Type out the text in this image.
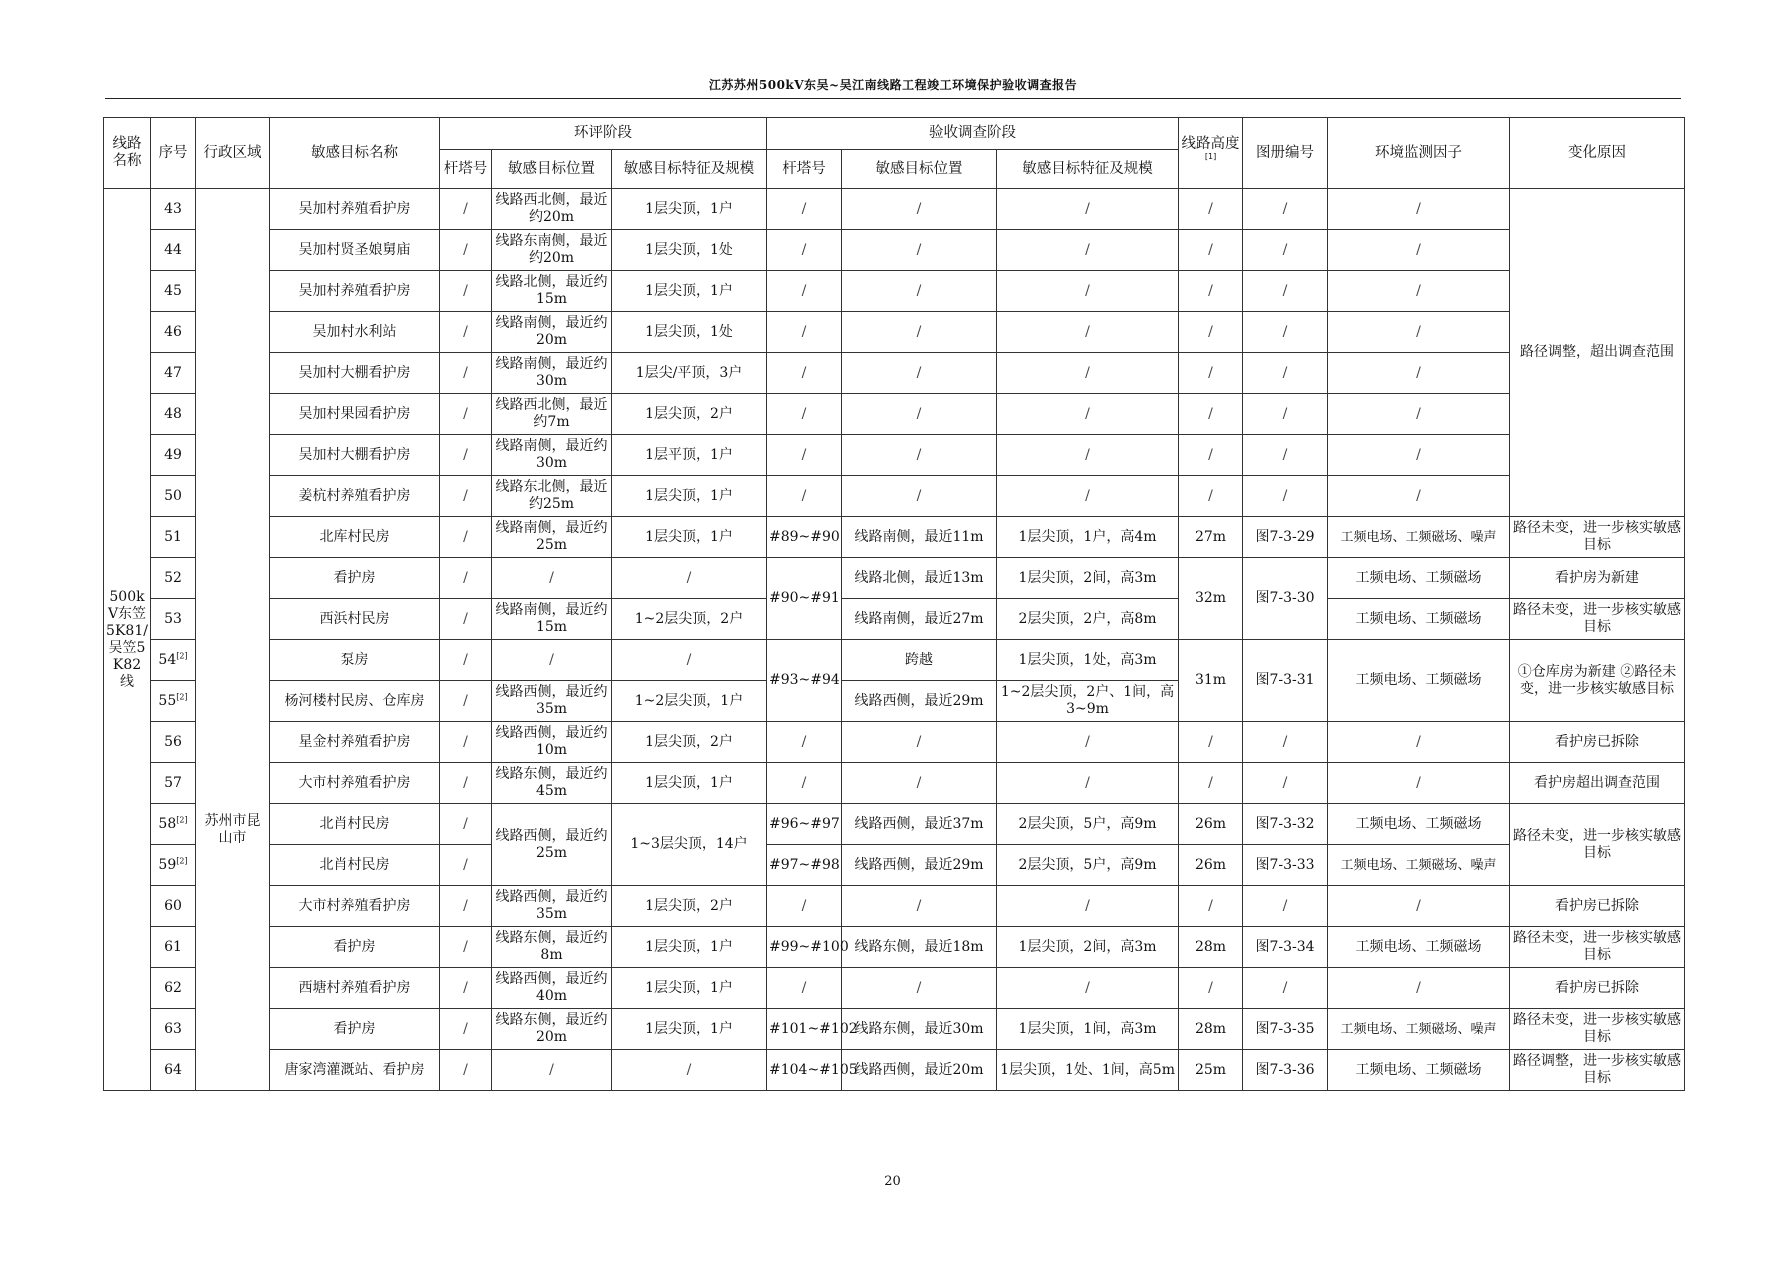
江苏苏州500kV东吴~吴江南线路工程竣工环境保护验收调查报告
线路名称	序号	行政区域	敏感目标名称	环评阶段			验收调查阶段			线路高度[1]	图册编号	环境监测因子	变化原因
				杆塔号	敏感目标位置	敏感目标特征及规模	杆塔号	敏感目标位置	敏感目标特征及规模				
500kV东笠5K81/吴笠5K82线	43	苏州市昆山市	吴加村养殖看护房	/	线路西北侧，最近约20m	1层尖顶，1户	/	/	/	/	/	/	路径调整，超出调查范围
	44		吴加村贤圣娘舅庙	/	线路东南侧，最近约20m	1层尖顶，1处	/	/	/	/	/	/	
	45		吴加村养殖看护房	/	线路北侧，最近约15m	1层尖顶，1户	/	/	/	/	/	/	
	46		吴加村水利站	/	线路南侧，最近约20m	1层尖顶，1处	/	/	/	/	/	/	
	47		吴加村大棚看护房	/	线路南侧，最近约30m	1层尖/平顶，3户	/	/	/	/	/	/	
	48		吴加村果园看护房	/	线路西北侧，最近约7m	1层尖顶，2户	/	/	/	/	/	/	
	49		吴加村大棚看护房	/	线路南侧，最近约30m	1层平顶，1户	/	/	/	/	/	/	
	50		姜杭村养殖看护房	/	线路东北侧，最近约25m	1层尖顶，1户	/	/	/	/	/	/	
	51		北库村民房	/	线路南侧，最近约25m	1层尖顶，1户	#89~#90	线路南侧，最近11m	1层尖顶，1户，高4m	27m	图7-3-29	工频电场、工频磁场、噪声	路径未变，进一步核实敏感目标
	52		看护房	/	/	/	#90~#91	线路北侧，最近13m	1层尖顶，2间，高3m	32m	图7-3-30	工频电场、工频磁场	看护房为新建
	53		西浜村民房	/	线路南侧，最近约15m	1~2层尖顶，2户		线路南侧，最近27m	2层尖顶，2户，高8m			工频电场、工频磁场	路径未变，进一步核实敏感目标
	54[2]		泵房	/	/	/	#93~#94	跨越	1层尖顶，1处，高3m	31m	图7-3-31	工频电场、工频磁场	①仓库房为新建 ②路径未变，进一步核实敏感目标
	55[2]		杨河楼村民房、仓库房	/	线路西侧，最近约35m	1~2层尖顶，1户		线路西侧，最近29m	1~2层尖顶，2户、1间，高3~9m				
	56		星金村养殖看护房	/	线路西侧，最近约10m	1层尖顶，2户	/	/	/	/	/	/	看护房已拆除
	57		大市村养殖看护房	/	线路东侧，最近约45m	1层尖顶，1户	/	/	/	/	/	/	看护房超出调查范围
	58[2]		北肖村民房	/	线路西侧，最近约25m	1~3层尖顶，14户	#96~#97	线路西侧，最近37m	2层尖顶，5户，高9m	26m	图7-3-32	工频电场、工频磁场	路径未变，进一步核实敏感目标
	59[2]		北肖村民房	/			#97~#98	线路西侧，最近29m	2层尖顶，5户，高9m	26m	图7-3-33	工频电场、工频磁场、噪声	
	60		大市村养殖看护房	/	线路西侧，最近约35m	1层尖顶，2户	/	/	/	/	/	/	看护房已拆除
	61		看护房	/	线路东侧，最近约8m	1层尖顶，1户	#99~#100	线路东侧，最近18m	1层尖顶，2间，高3m	28m	图7-3-34	工频电场、工频磁场	路径未变，进一步核实敏感目标
	62		西塘村养殖看护房	/	线路西侧，最近约40m	1层尖顶，1户	/	/	/	/	/	/	看护房已拆除
	63		看护房	/	线路东侧，最近约20m	1层尖顶，1户	#101~#102	线路东侧，最近30m	1层尖顶，1间，高3m	28m	图7-3-35	工频电场、工频磁场、噪声	路径未变，进一步核实敏感目标
	64		唐家湾灌溉站、看护房	/	/	/	#104~#105	线路西侧，最近20m	1层尖顶，1处、1间，高5m	25m	图7-3-36	工频电场、工频磁场	路径调整，进一步核实敏感目标
20
